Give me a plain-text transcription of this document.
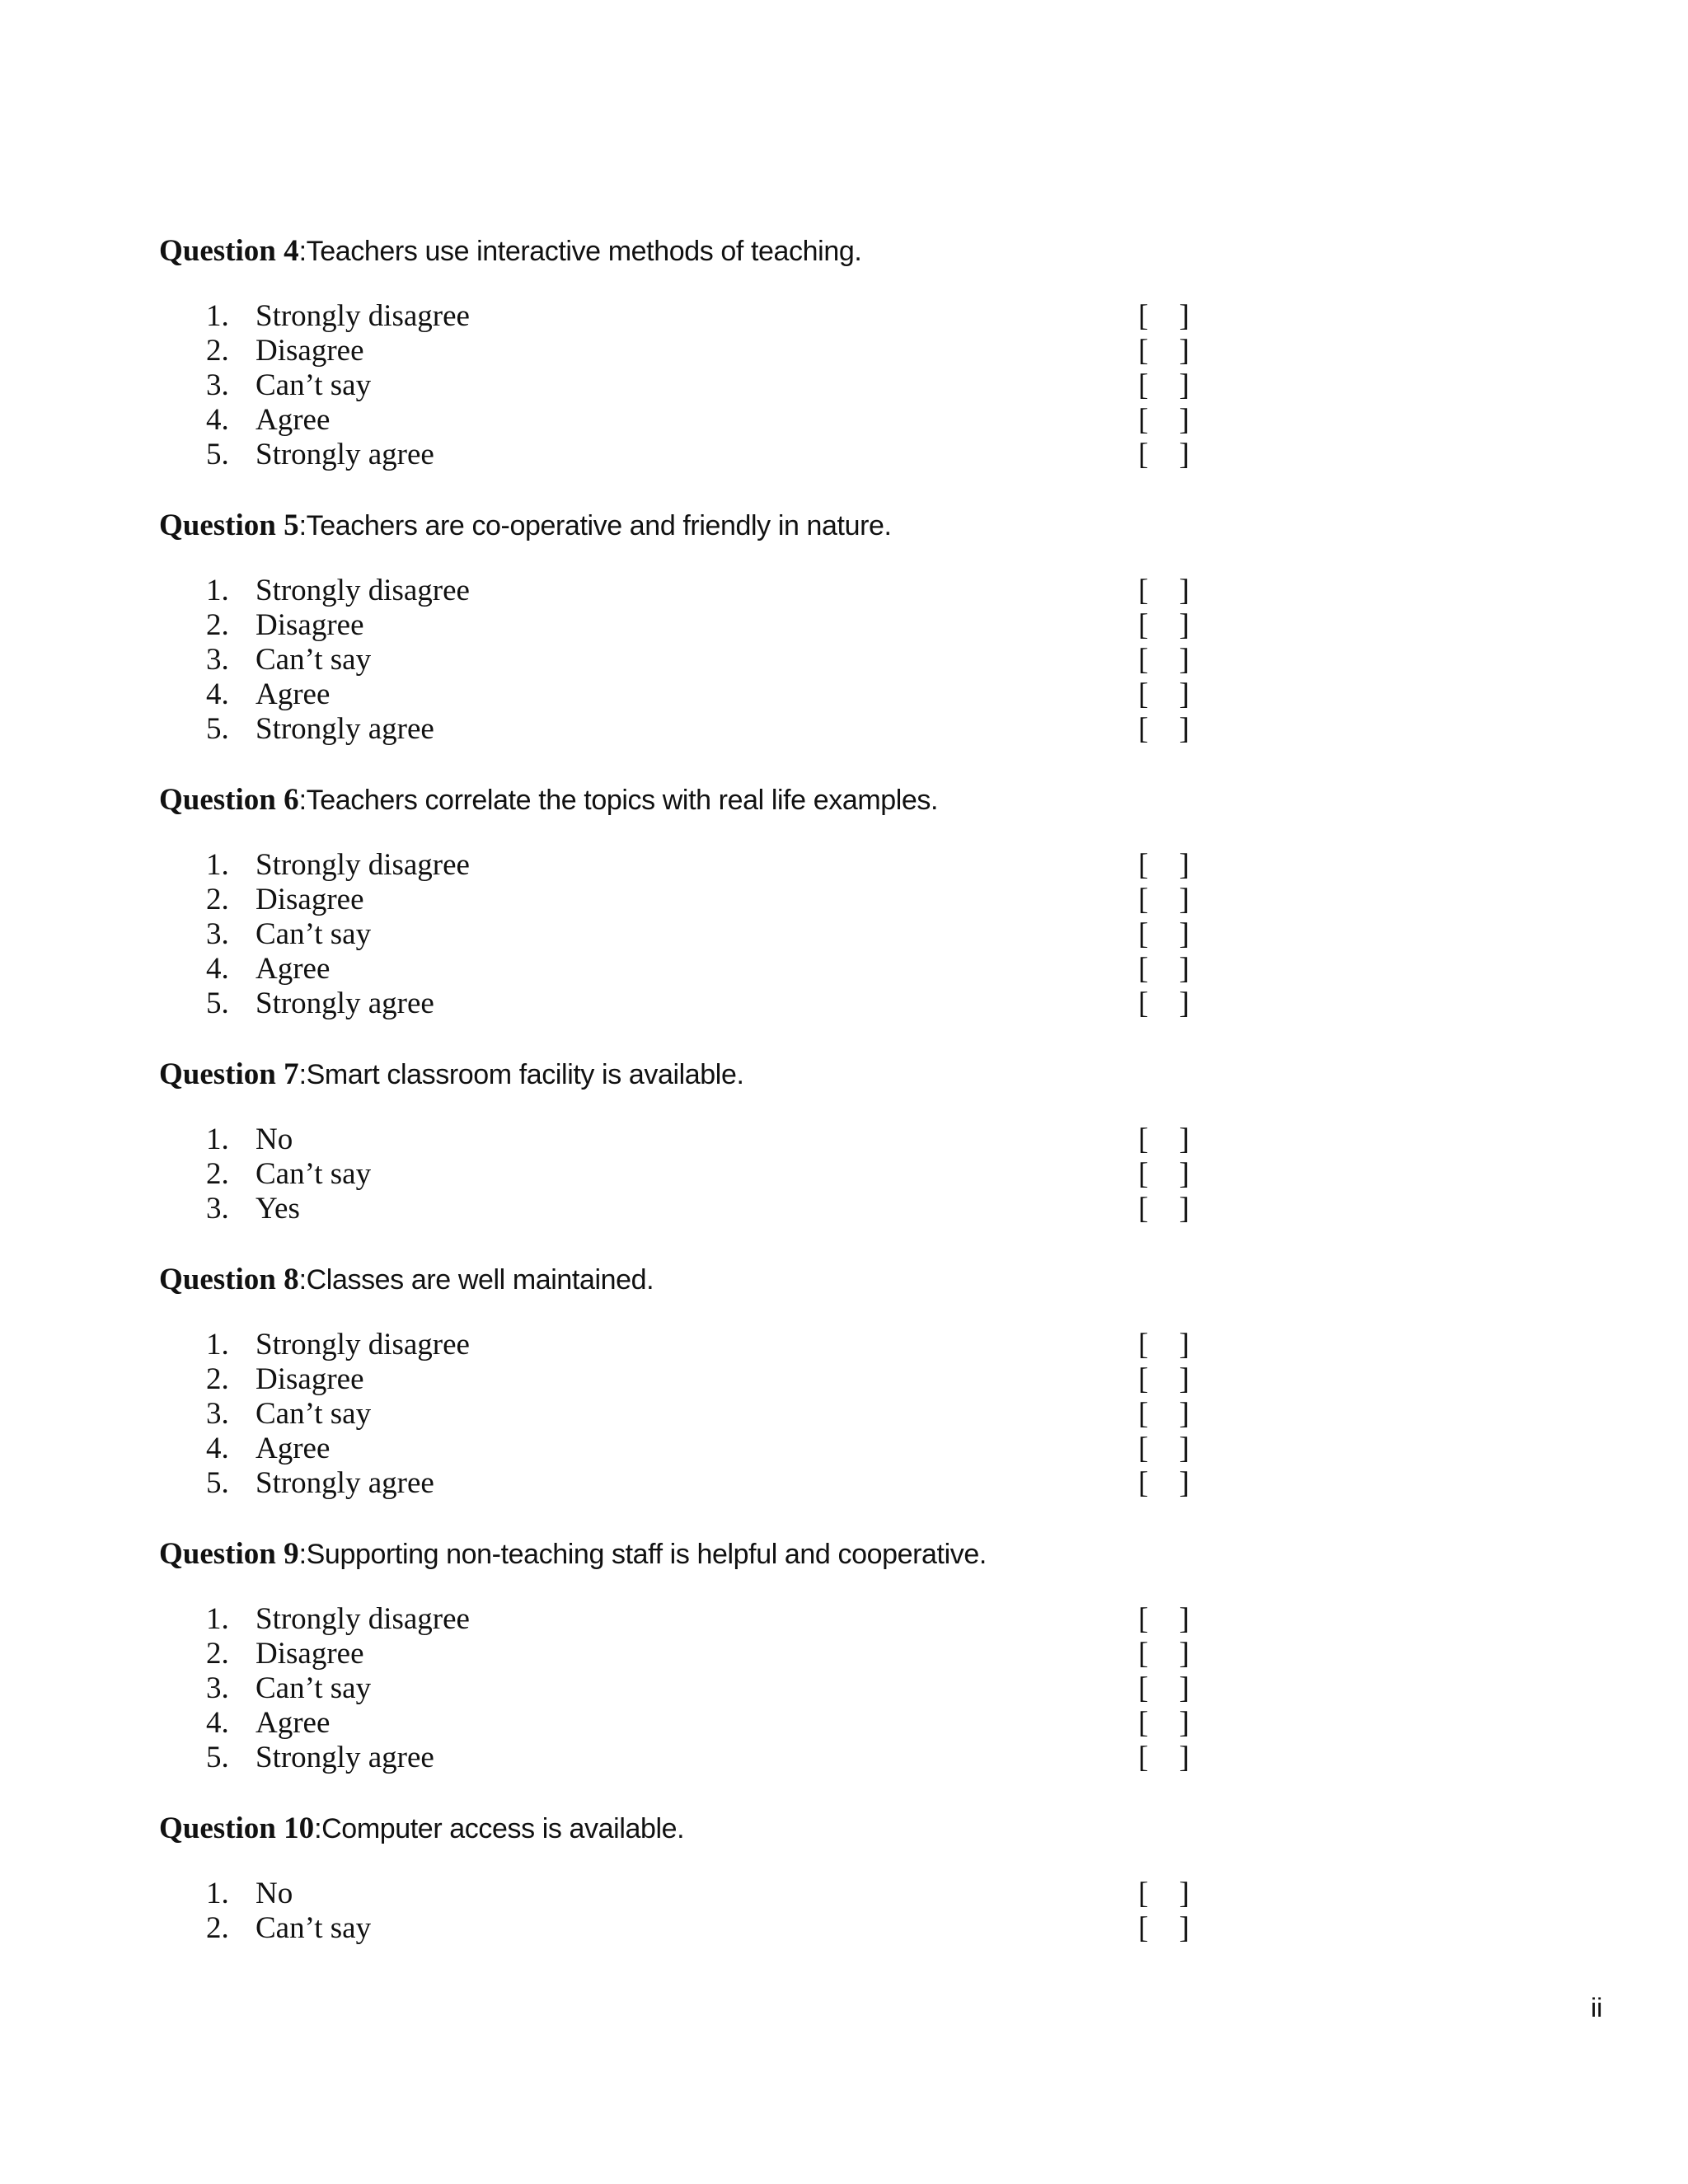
Question 4:Teachers use interactive methods of teaching.
1. Strongly disagree	[ ]
2. Disagree	[ ]
3. Can’t say	[ ]
4. Agree	[ ]
5. Strongly agree	[ ]
Question 5:Teachers are co-operative and friendly in nature.
1. Strongly disagree	[ ]
2. Disagree	[ ]
3. Can’t say	[ ]
4. Agree	[ ]
5. Strongly agree	[ ]
Question 6:Teachers correlate the topics with real life examples.
1. Strongly disagree	[ ]
2. Disagree	[ ]
3. Can’t say	[ ]
4. Agree	[ ]
5. Strongly agree	[ ]
Question 7:Smart classroom facility is available.
1. No	[ ]
2. Can’t say	[ ]
3. Yes	[ ]
Question 8:Classes are well maintained.
1. Strongly disagree	[ ]
2. Disagree	[ ]
3. Can’t say	[ ]
4. Agree	[ ]
5. Strongly agree	[ ]
Question 9:Supporting non-teaching staff is helpful and cooperative.
1. Strongly disagree	[ ]
2. Disagree	[ ]
3. Can’t say	[ ]
4. Agree	[ ]
5. Strongly agree	[ ]
Question 10:Computer access is available.
1. No	[ ]
2. Can’t say	[ ]
ii
